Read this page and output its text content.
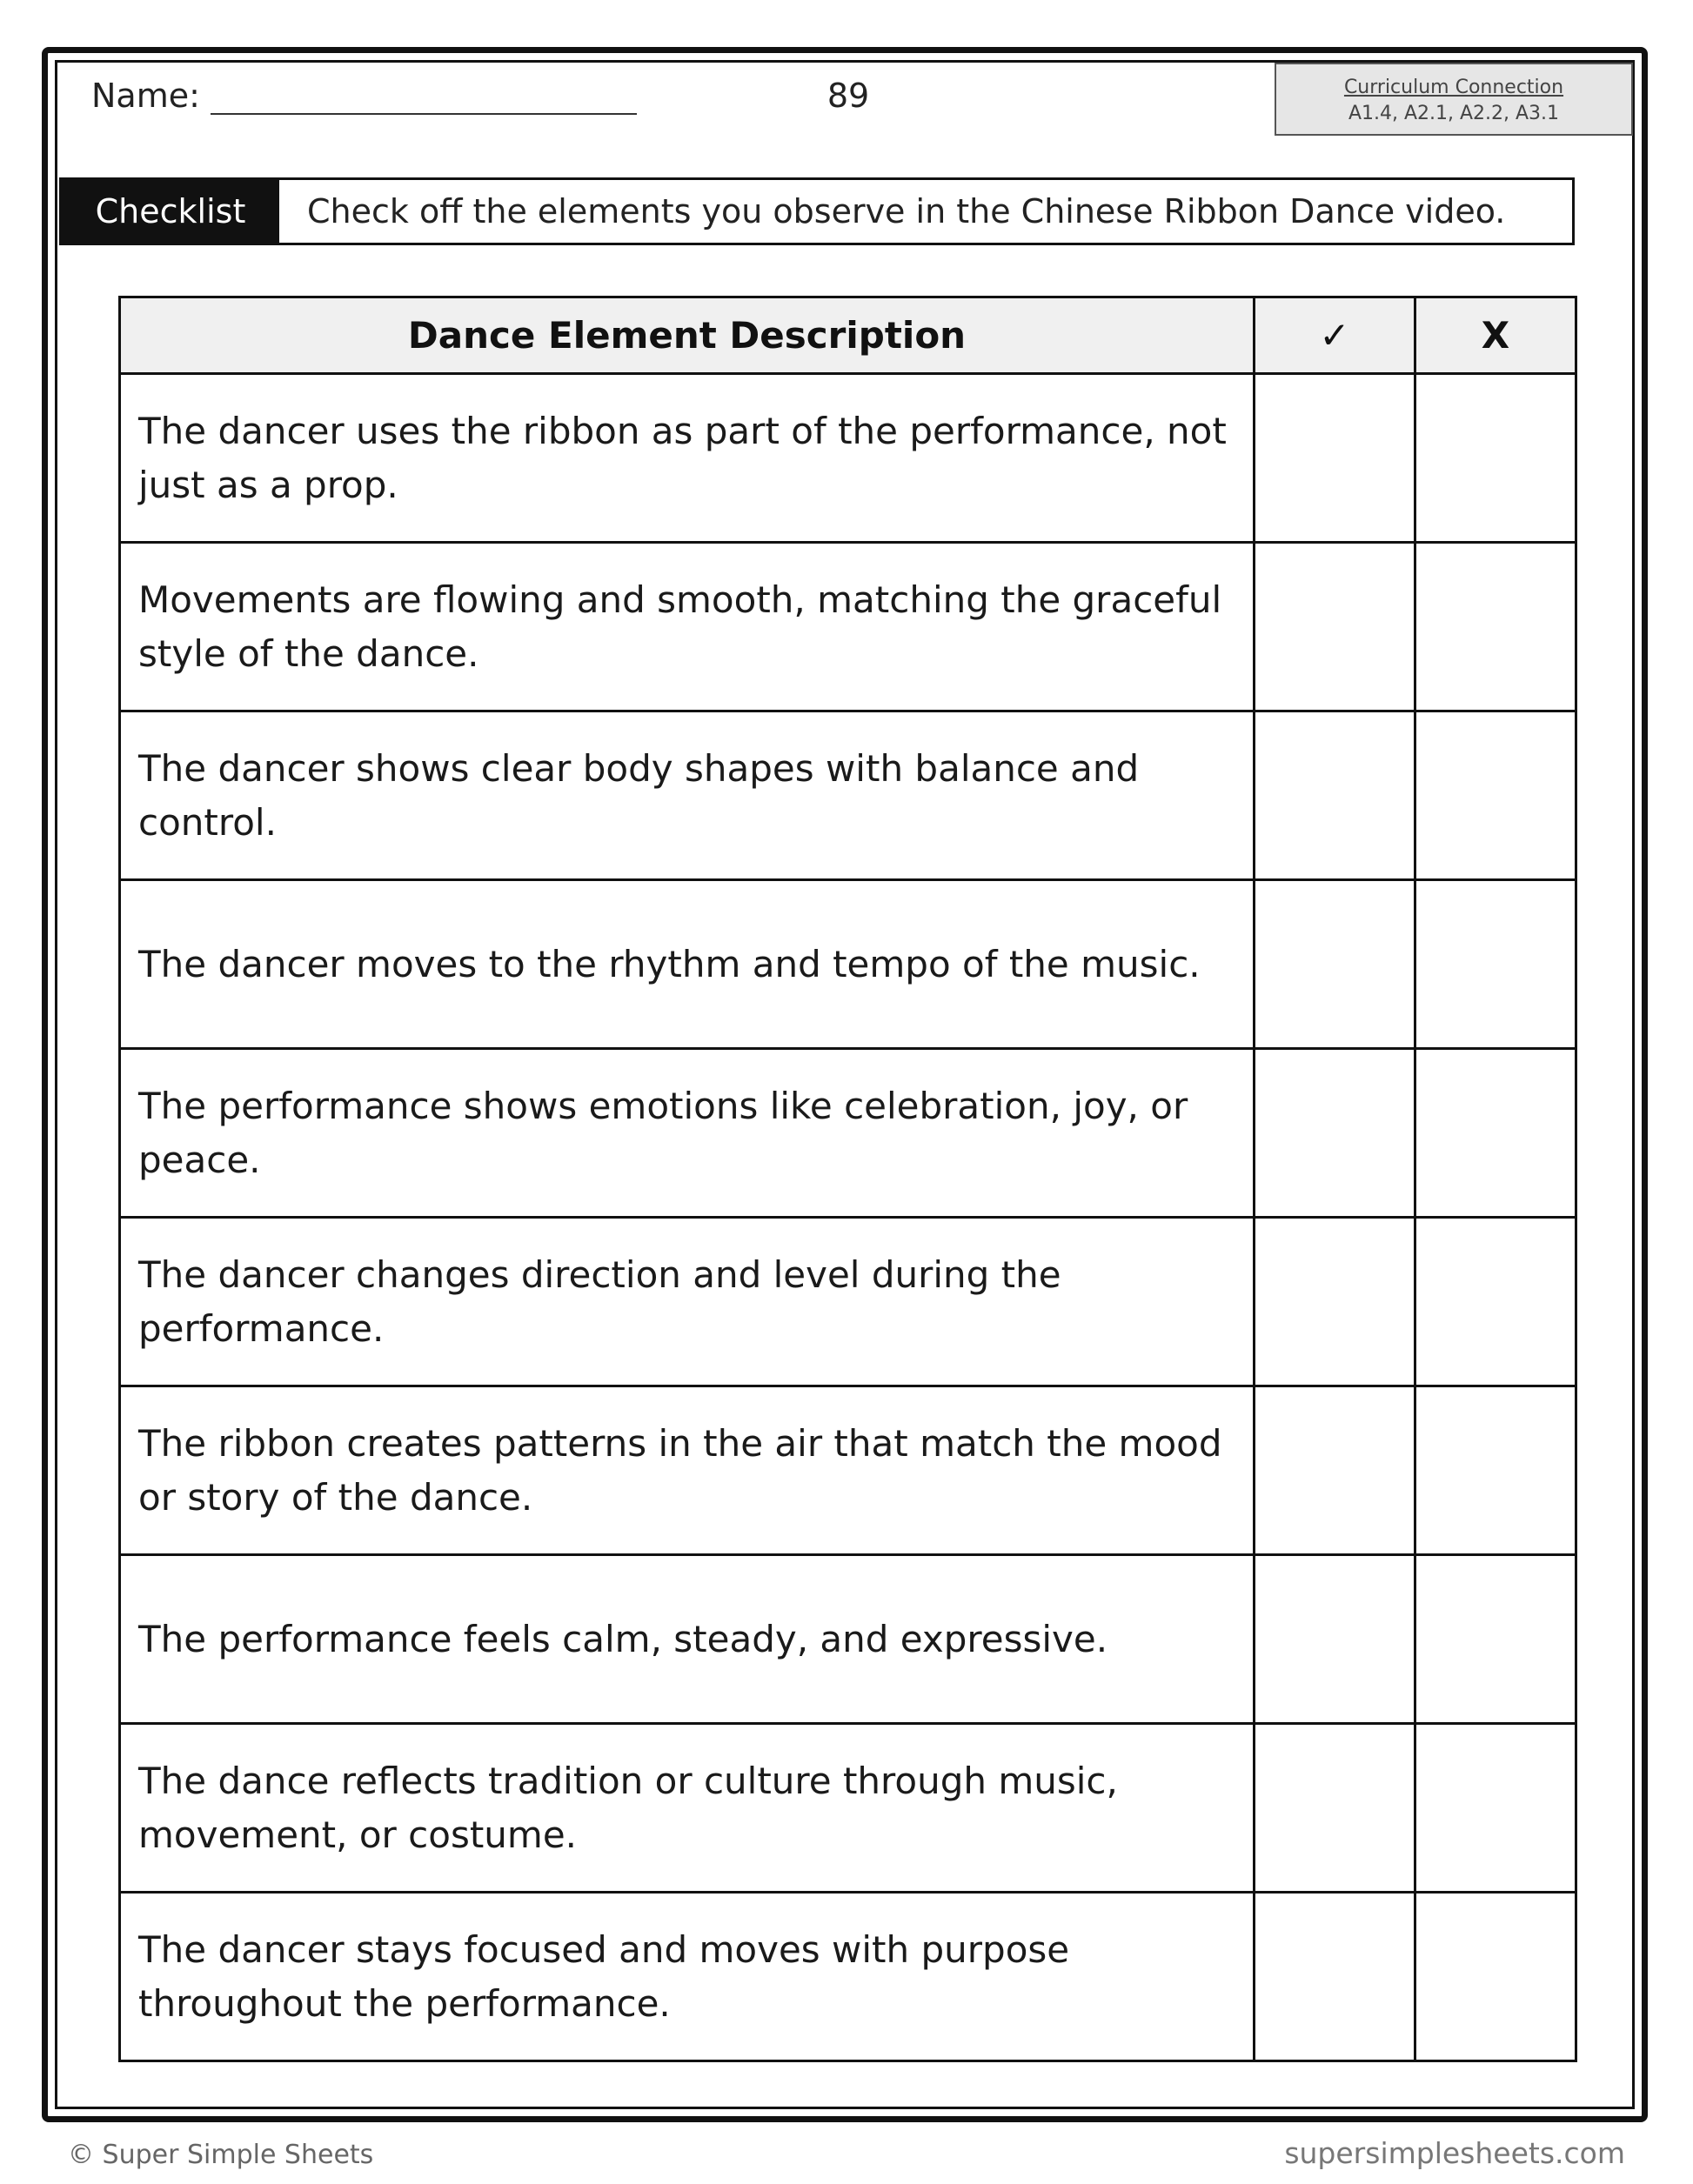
Name:	89	Curriculum Connection
A1.4, A2.1, A2.2, A3.1
Checklist	Check off the elements you observe in the Chinese Ribbon Dance video.
Dance Element Description	✓	X
The dancer uses the ribbon as part of the performance, not just as a prop.		
Movements are flowing and smooth, matching the graceful style of the dance.		
The dancer shows clear body shapes with balance and control.		
The dancer moves to the rhythm and tempo of the music.		
The performance shows emotions like celebration, joy, or peace.		
The dancer changes direction and level during the performance.		
The ribbon creates patterns in the air that match the mood or story of the dance.		
The performance feels calm, steady, and expressive.		
The dance reflects tradition or culture through music, movement, or costume.		
The dancer stays focused and moves with purpose throughout the performance.		
© Super Simple Sheets	supersimplesheets.com
